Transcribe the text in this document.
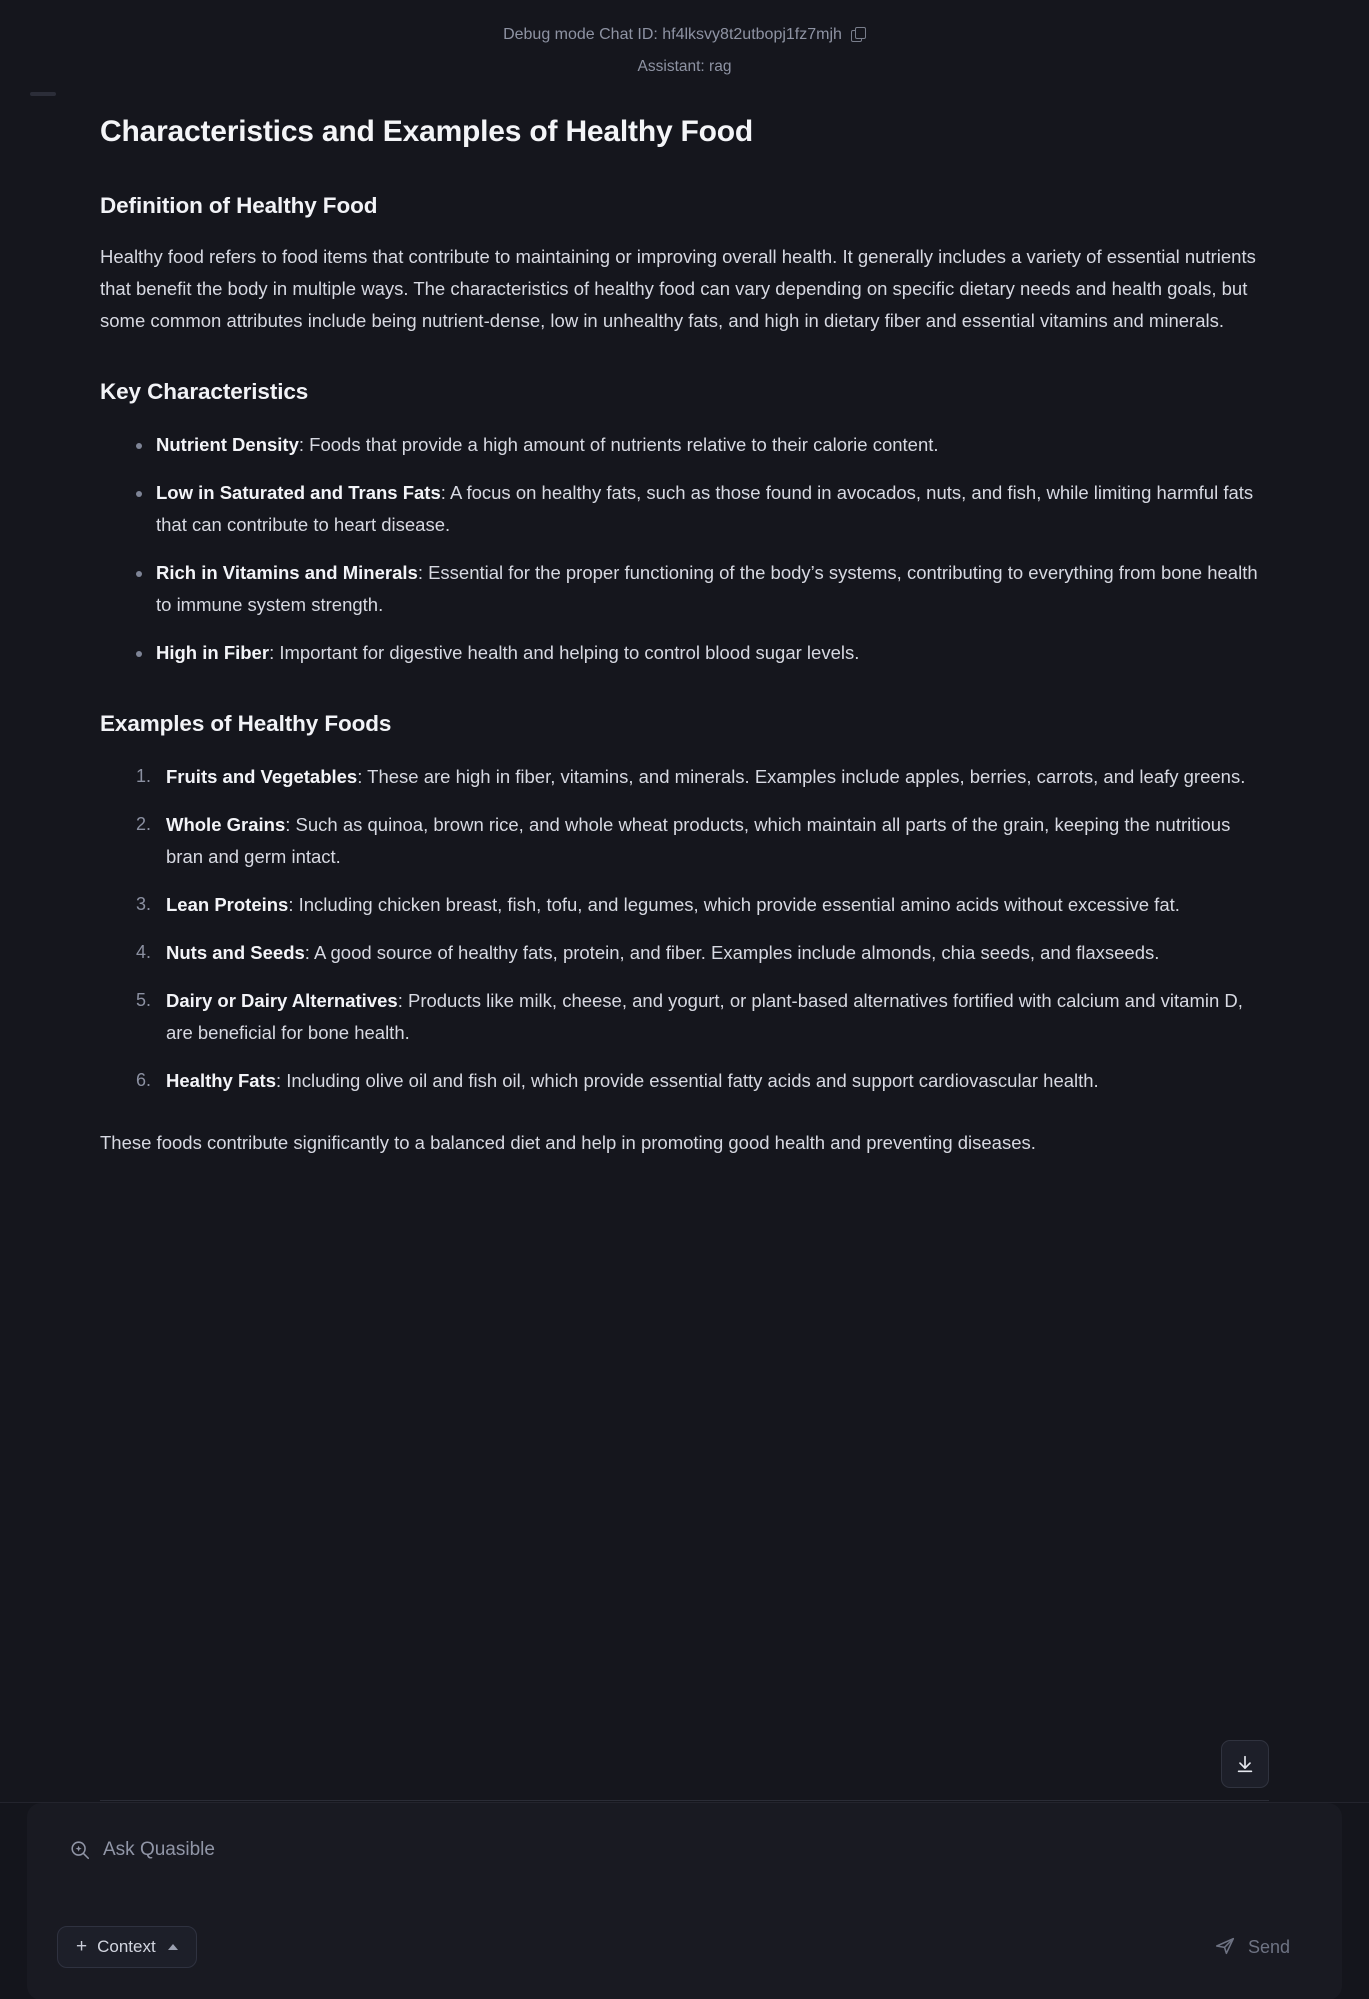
Debug mode Chat ID: hf4lksvy8t2utbopj1fz7mjh
Assistant: rag
Characteristics and Examples of Healthy Food
Definition of Healthy Food

Healthy food refers to food items that contribute to maintaining or improving overall health. It generally includes a variety of essential nutrients that benefit the body in multiple ways. The characteristics of healthy food can vary depending on specific dietary needs and health goals, but some common attributes include being nutrient-dense, low in unhealthy fats, and high in dietary fiber and essential vitamins and minerals.

Key Characteristics
Nutrient Density: Foods that provide a high amount of nutrients relative to their calorie content.
Low in Saturated and Trans Fats: A focus on healthy fats, such as those found in avocados, nuts, and fish, while limiting harmful fats that can contribute to heart disease.
Rich in Vitamins and Minerals: Essential for the proper functioning of the body’s systems, contributing to everything from bone health to immune system strength.
High in Fiber: Important for digestive health and helping to control blood sugar levels.
Examples of Healthy Foods
Fruits and Vegetables: These are high in fiber, vitamins, and minerals. Examples include apples, berries, carrots, and leafy greens.
Whole Grains: Such as quinoa, brown rice, and whole wheat products, which maintain all parts of the grain, keeping the nutritious bran and germ intact.
Lean Proteins: Including chicken breast, fish, tofu, and legumes, which provide essential amino acids without excessive fat.
Nuts and Seeds: A good source of healthy fats, protein, and fiber. Examples include almonds, chia seeds, and flaxseeds.
Dairy or Dairy Alternatives: Products like milk, cheese, and yogurt, or plant-based alternatives fortified with calcium and vitamin D, are beneficial for bone health.
Healthy Fats: Including olive oil and fish oil, which provide essential fatty acids and support cardiovascular health.

These foods contribute significantly to a balanced diet and help in promoting good health and preventing diseases.

Ask Quasible
+ Context	Send
